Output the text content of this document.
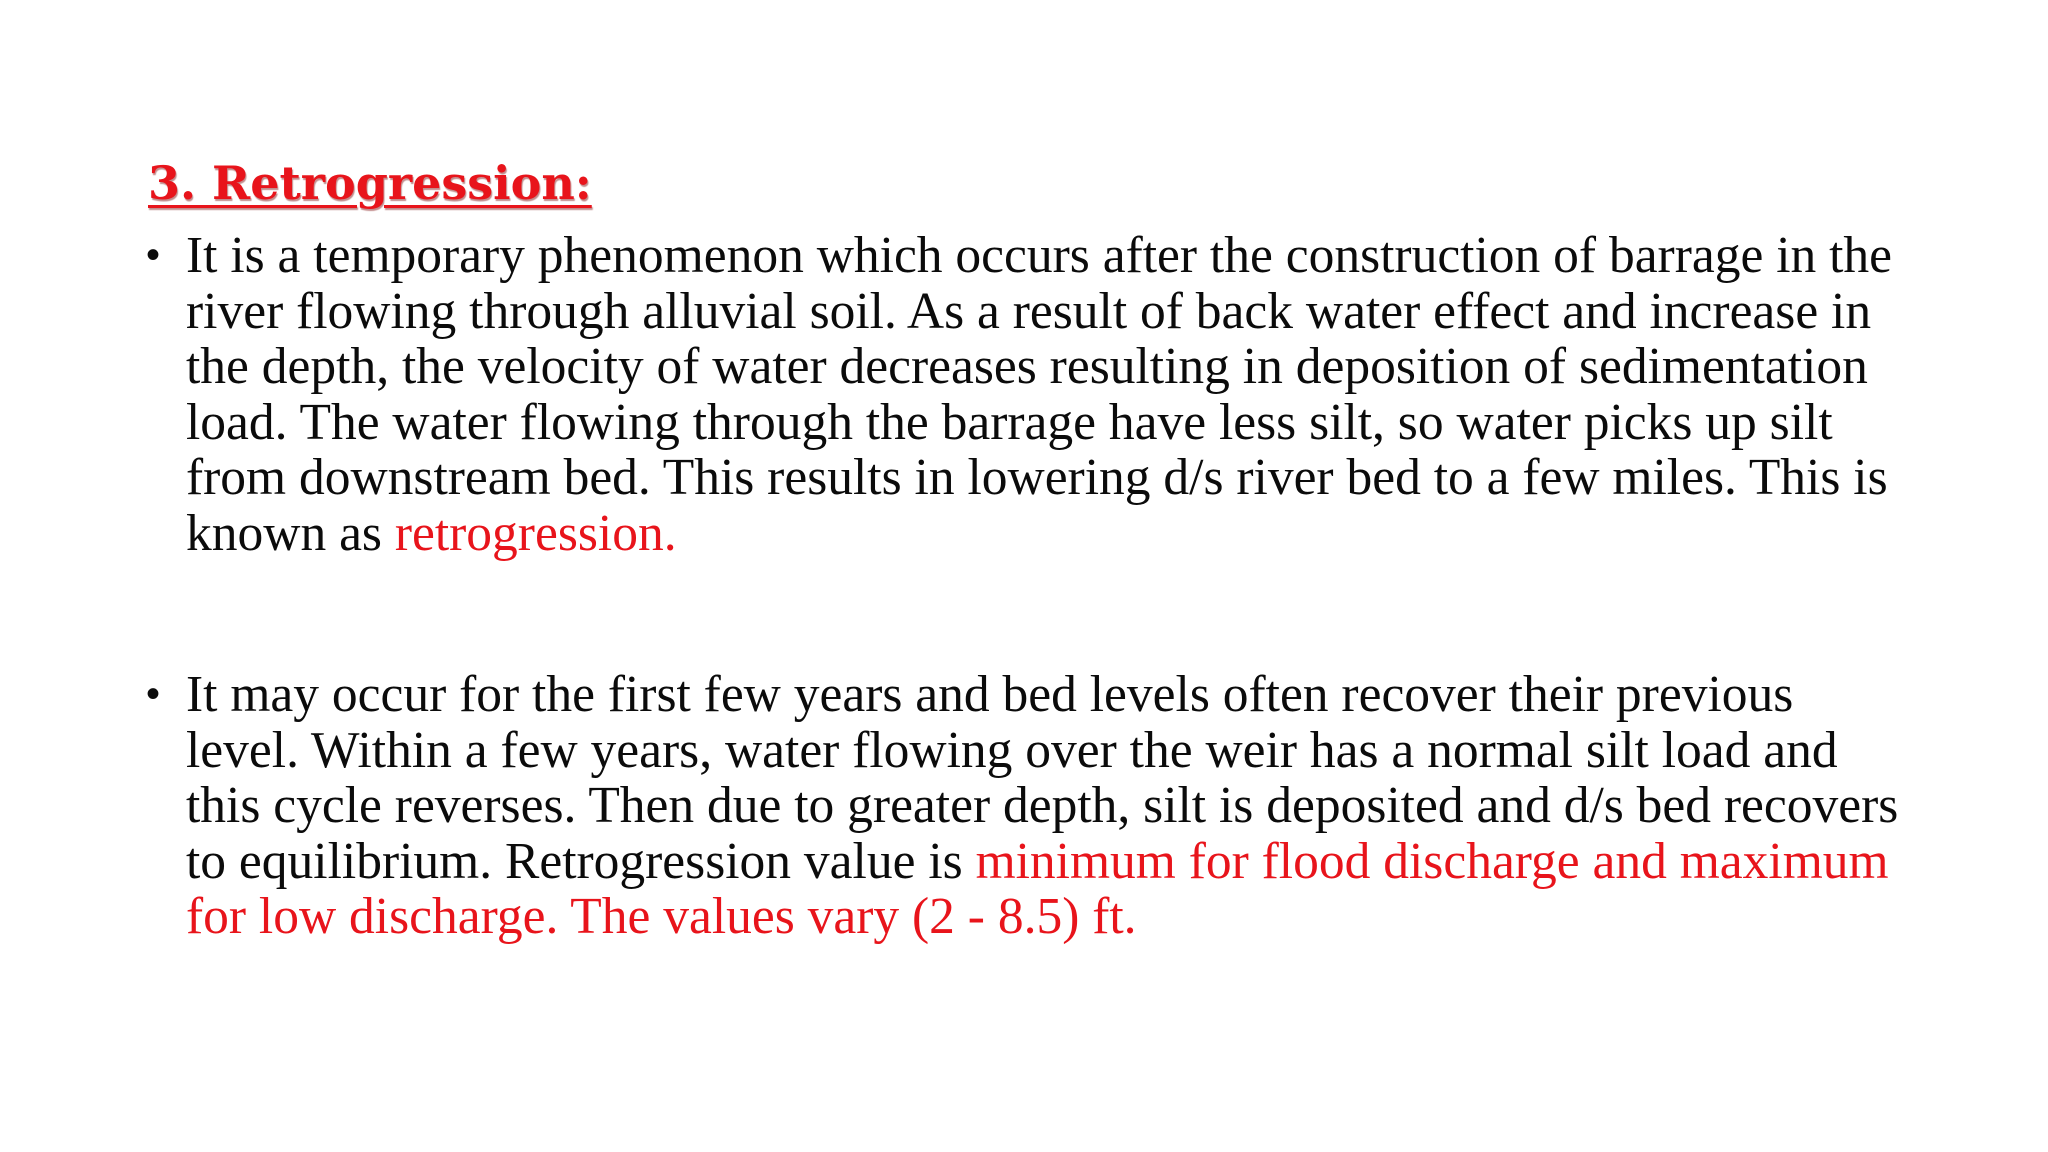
3. Retrogression:
• It is a temporary phenomenon which occurs after the construction of barrage in the river flowing through alluvial soil. As a result of back water effect and increase in the depth, the velocity of water decreases resulting in deposition of sedimentation load. The water flowing through the barrage have less silt, so water picks up silt from downstream bed. This results in lowering d/s river bed to a few miles. This is known as retrogression.
• It may occur for the first few years and bed levels often recover their previous level. Within a few years, water flowing over the weir has a normal silt load and this cycle reverses. Then due to greater depth, silt is deposited and d/s bed recovers to equilibrium. Retrogression value is minimum for flood discharge and maximum for low discharge. The values vary (2 - 8.5) ft.
